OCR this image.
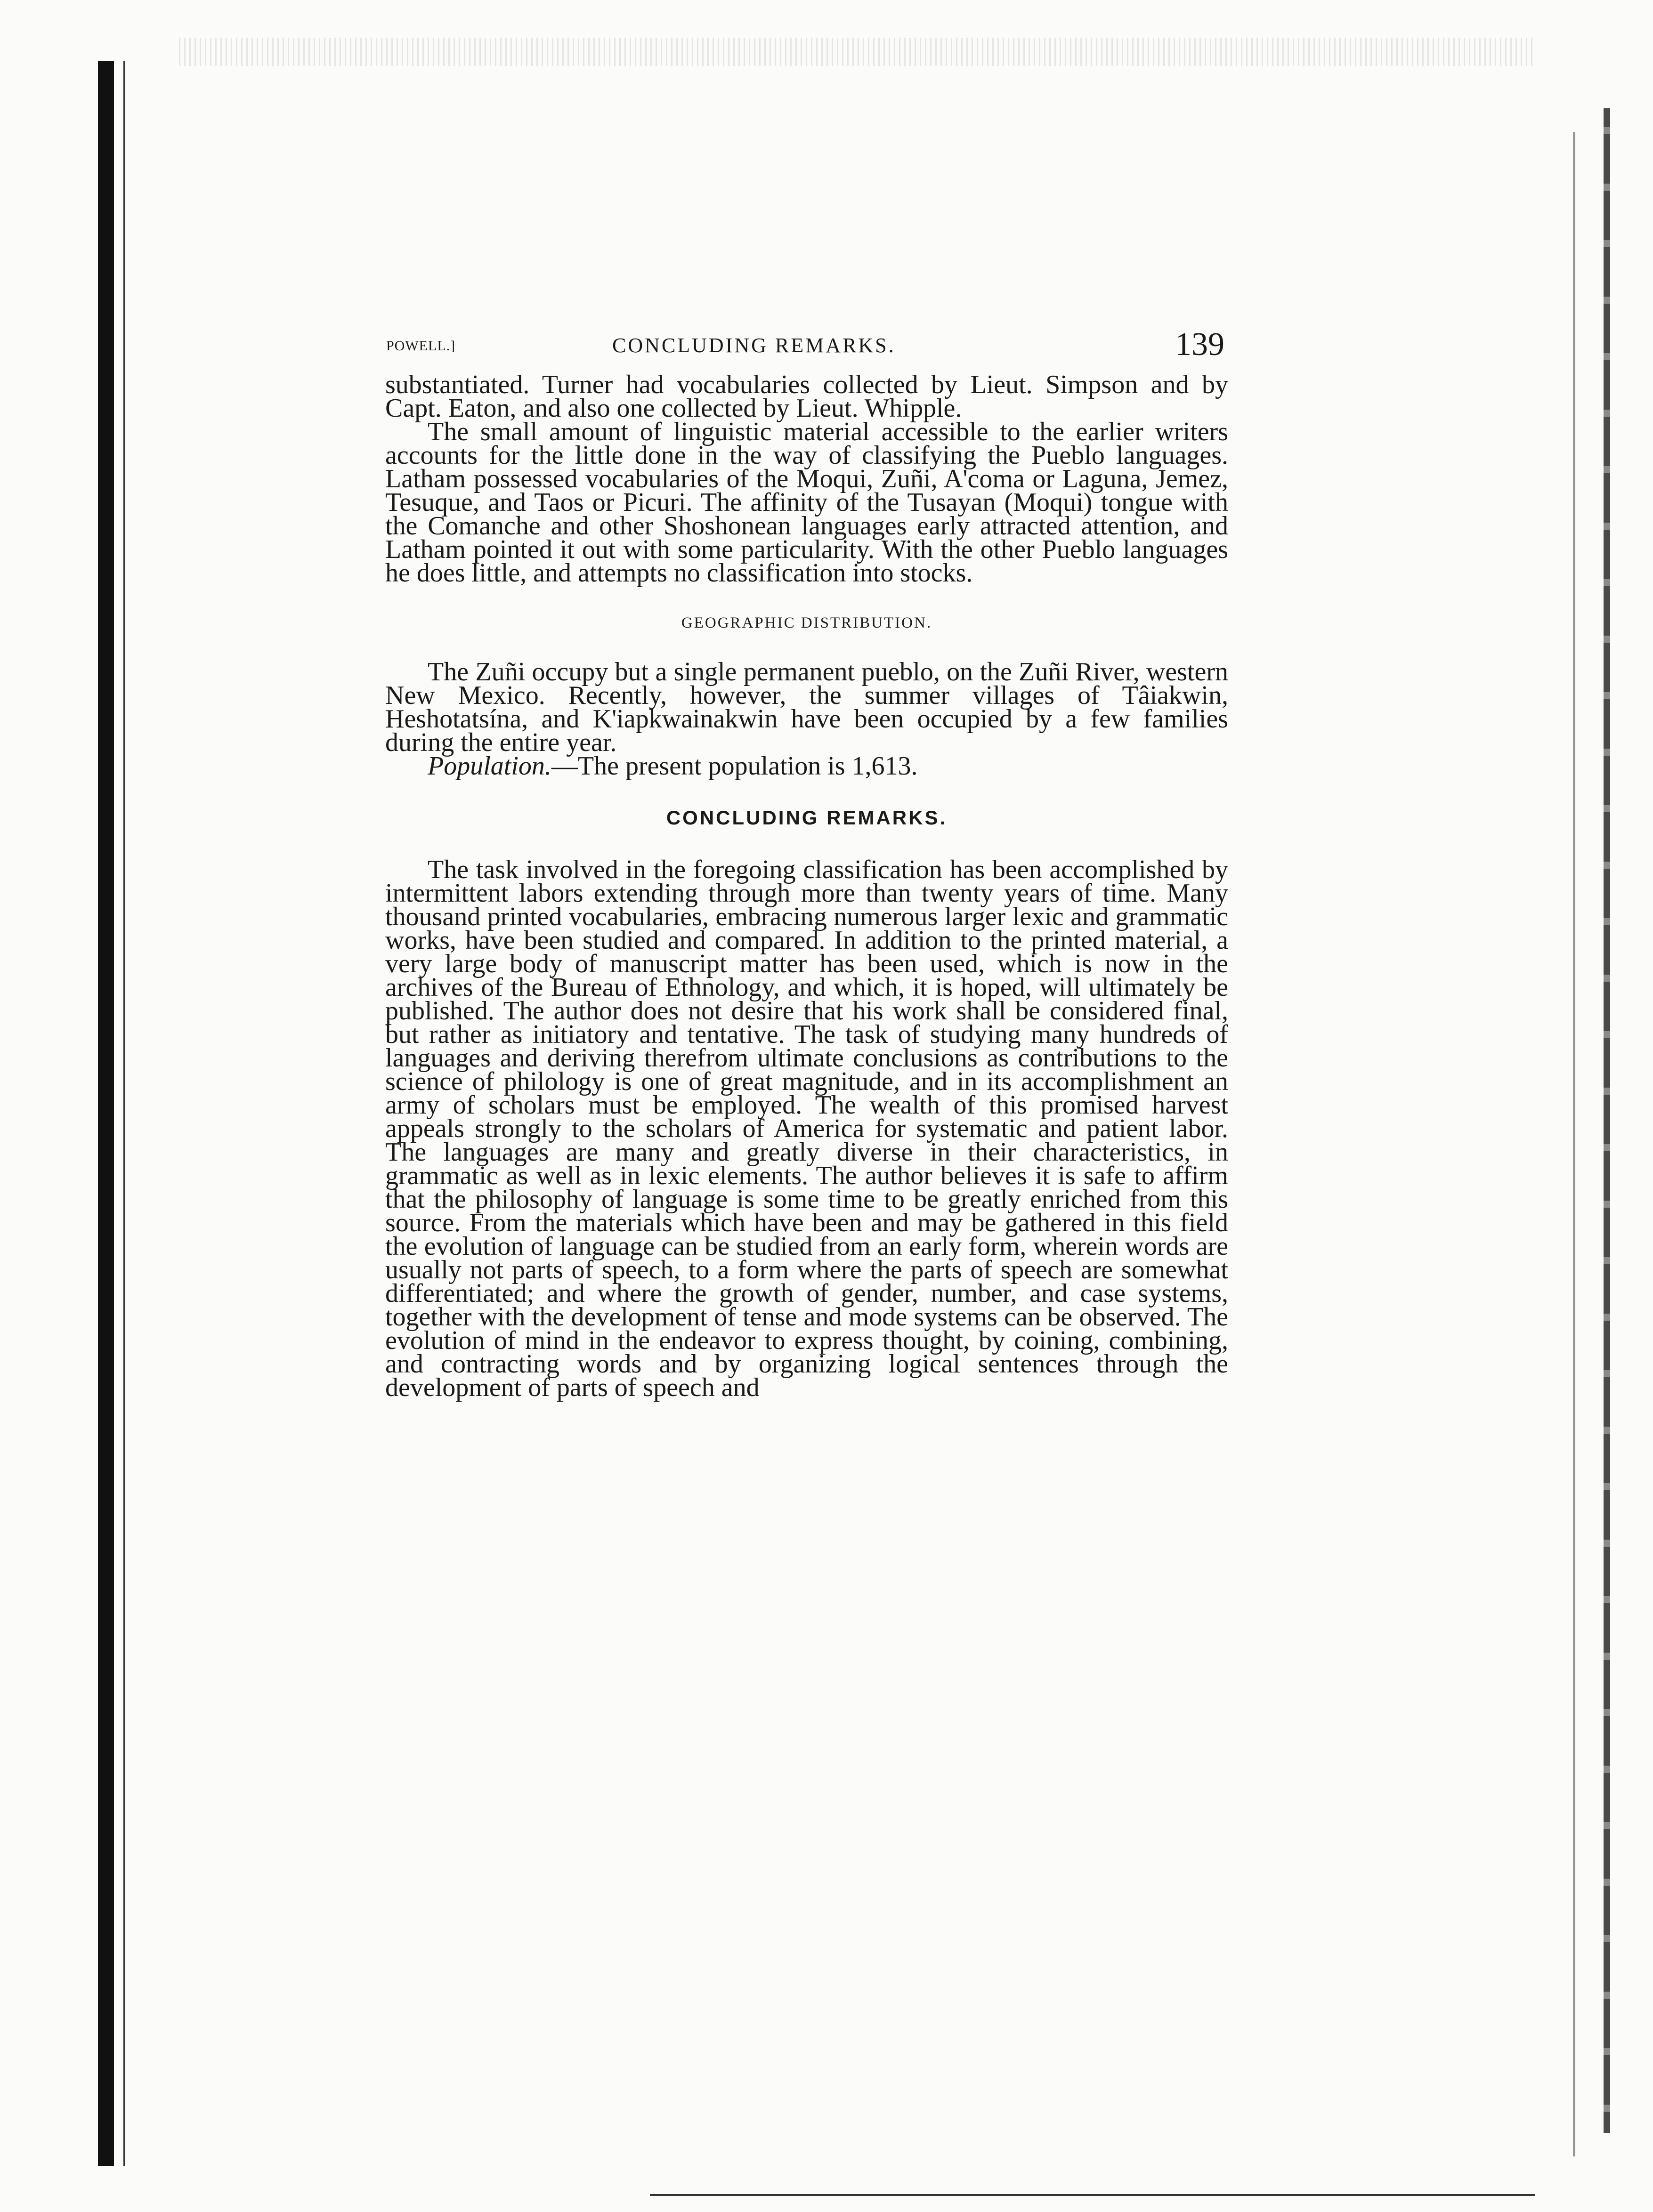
POWELL.]	CONCLUDING REMARKS.	139

substantiated. Turner had vocabularies collected by Lieut. Simpson and by Capt. Eaton, and also one collected by Lieut. Whipple.

The small amount of linguistic material accessible to the earlier writers accounts for the little done in the way of classifying the Pueblo languages. Latham possessed vocabularies of the Moqui, Zuñi, A'coma or Laguna, Jemez, Tesuque, and Taos or Picuri. The affinity of the Tusayan (Moqui) tongue with the Comanche and other Shoshonean languages early attracted attention, and Latham pointed it out with some particularity. With the other Pueblo languages he does little, and attempts no classification into stocks.

GEOGRAPHIC DISTRIBUTION.

The Zuñi occupy but a single permanent pueblo, on the Zuñi River, western New Mexico. Recently, however, the summer villages of Tâiakwin, Heshotatsína, and K'iapkwainakwin have been occupied by a few families during the entire year.

Population.—The present population is 1,613.

CONCLUDING REMARKS.

The task involved in the foregoing classification has been accomplished by intermittent labors extending through more than twenty years of time. Many thousand printed vocabularies, embracing numerous larger lexic and grammatic works, have been studied and compared. In addition to the printed material, a very large body of manuscript matter has been used, which is now in the archives of the Bureau of Ethnology, and which, it is hoped, will ultimately be published. The author does not desire that his work shall be considered final, but rather as initiatory and tentative. The task of studying many hundreds of languages and deriving therefrom ultimate conclusions as contributions to the science of philology is one of great magnitude, and in its accomplishment an army of scholars must be employed. The wealth of this promised harvest appeals strongly to the scholars of America for systematic and patient labor. The languages are many and greatly diverse in their characteristics, in grammatic as well as in lexic elements. The author believes it is safe to affirm that the philosophy of language is some time to be greatly enriched from this source. From the materials which have been and may be gathered in this field the evolution of language can be studied from an early form, wherein words are usually not parts of speech, to a form where the parts of speech are somewhat differentiated; and where the growth of gender, number, and case systems, together with the development of tense and mode systems can be observed. The evolution of mind in the endeavor to express thought, by coining, combining, and contracting words and by organizing logical sentences through the development of parts of speech and
